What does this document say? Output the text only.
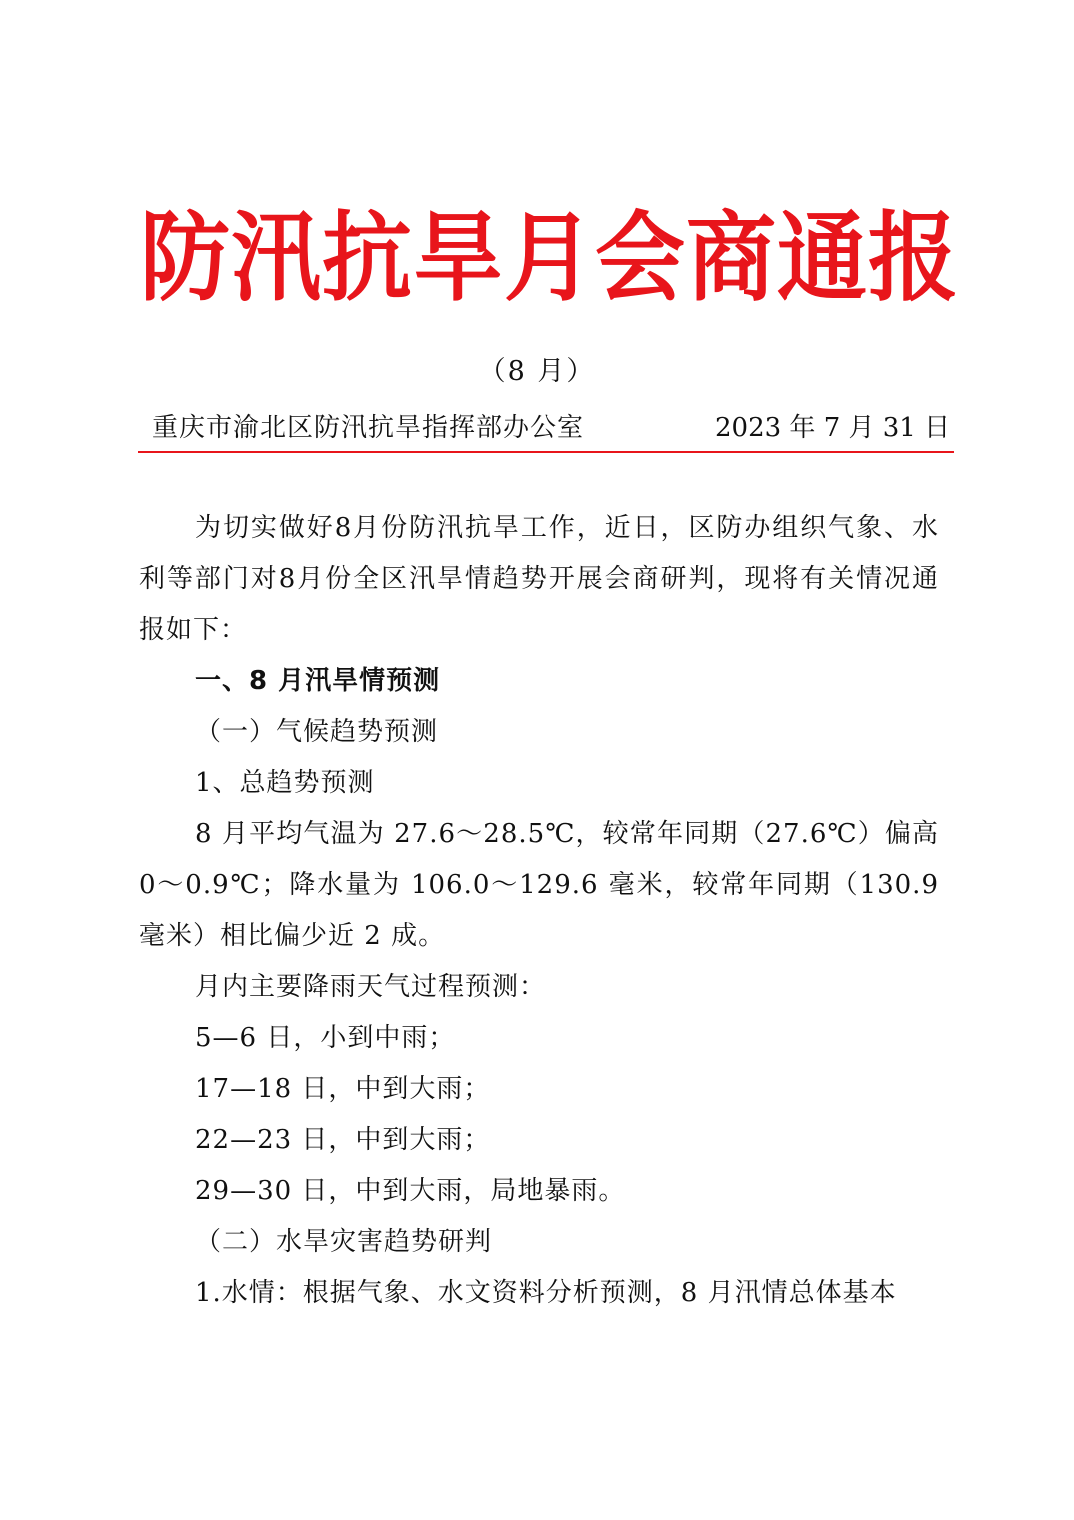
防汛抗旱月会商通报
（8 月）
重庆市渝北区防汛抗旱指挥部办公室	2023 年 7 月 31 日

为切实做好8月份防汛抗旱工作，近日，区防办组织气象、水利等部门对8月份全区汛旱情趋势开展会商研判，现将有关情况通报如下：

一、8 月汛旱情预测

（一）气候趋势预测

1、总趋势预测

8 月平均气温为 27.6～28.5℃，较常年同期（27.6℃）偏高 0～0.9℃；降水量为 106.0～129.6 毫米，较常年同期（130.9 毫米）相比偏少近 2 成。

月内主要降雨天气过程预测：

5—6 日，小到中雨；

17—18 日，中到大雨；

22—23 日，中到大雨；

29—30 日，中到大雨，局地暴雨。

（二）水旱灾害趋势研判

1.水情：根据气象、水文资料分析预测，8 月汛情总体基本
